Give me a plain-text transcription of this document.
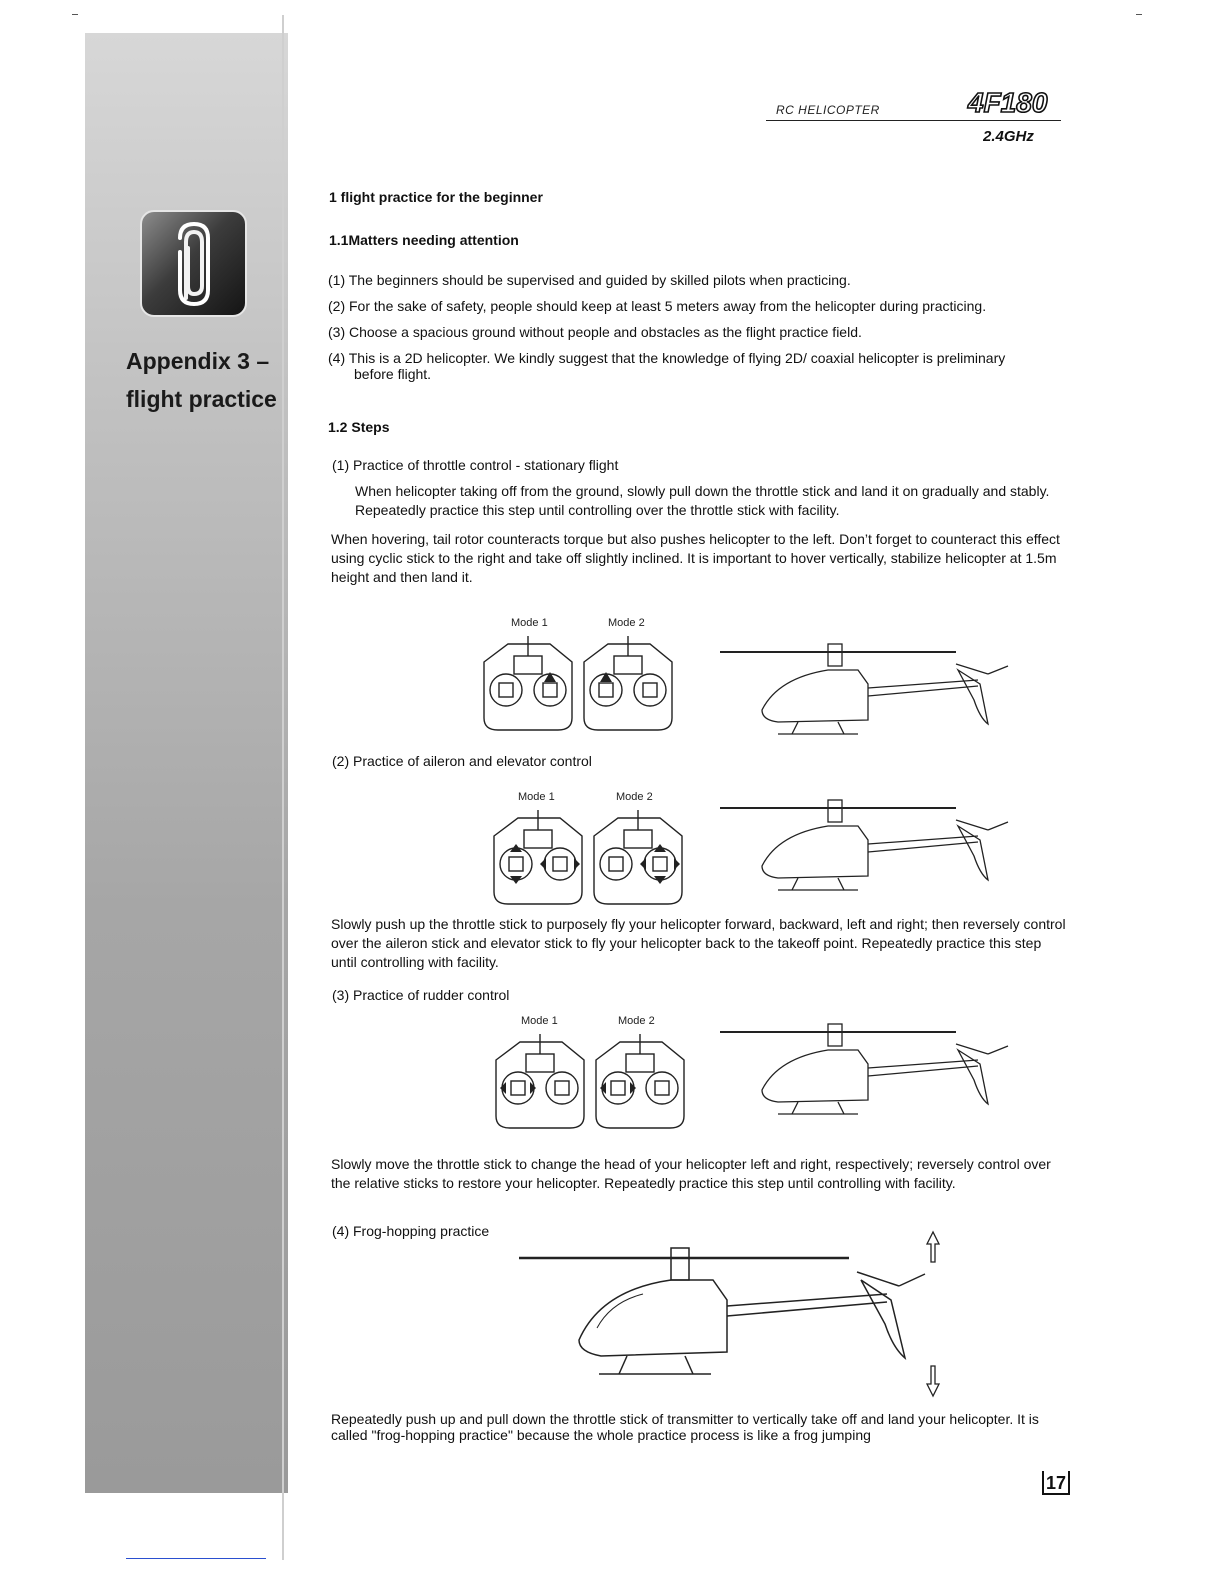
Appendix 3 –
flight practice
RC HELICOPTER	4F180
2.4GHz
1 flight practice for the beginner
1.1Matters needing attention
(1) The beginners should be supervised and guided by skilled pilots when practicing.
(2) For the sake of safety, people should keep at least 5 meters away from the helicopter during practicing.
(3) Choose a spacious ground without people and obstacles as the flight practice field.
(4) This is a 2D helicopter. We kindly suggest that the knowledge of flying 2D/ coaxial helicopter is preliminary
before flight.
1.2 Steps
(1) Practice of throttle control - stationary flight
When helicopter taking off from the ground, slowly pull down the throttle stick and land it on gradually and stably. Repeatedly practice this step until controlling over the throttle stick with facility.
When hovering, tail rotor counteracts torque but also pushes helicopter to the left. Don’t forget to counteract this effect using cyclic stick to the right and take off slightly inclined. It is important to hover vertically, stabilize helicopter at 1.5m height and then land it.
Mode 1	Mode 2
(2) Practice of aileron and elevator control
Mode 1	Mode 2
Slowly push up the throttle stick to purposely fly your helicopter forward, backward, left and right; then reversely control over the aileron stick and elevator stick to fly your helicopter back to the takeoff point. Repeatedly practice this step until controlling with facility.
(3) Practice of rudder control
Mode 1	Mode 2
Slowly move the throttle stick to change the head of your helicopter left and right, respectively; reversely control over the relative sticks to restore your helicopter. Repeatedly practice this step until controlling with facility.
(4) Frog-hopping practice
Repeatedly push up and pull down the throttle stick of transmitter to vertically take off and land your helicopter. It is called "frog-hopping practice" because the whole practice process is like a frog jumping
17
